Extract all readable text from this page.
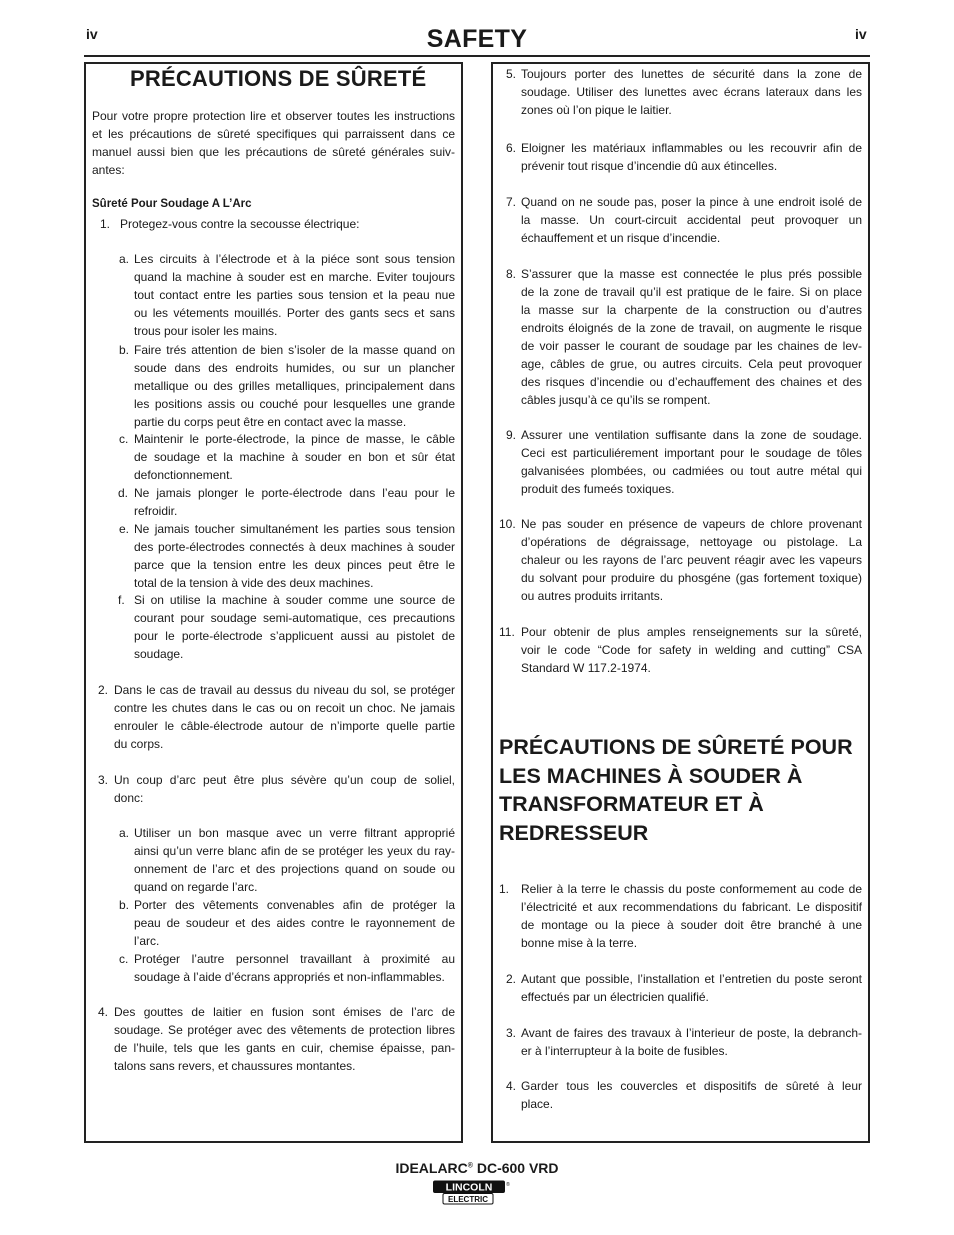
iv	SAFETY	iv
PRÉCAUTIONS DE SÛRETÉ
Pour votre propre protection lire et observer toutes les instructions
et les précautions de sûreté specifiques qui parraissent dans ce
manuel aussi bien que les précautions de sûreté générales suiv-
antes:
Sûreté Pour Soudage A L’Arc
1. Protegez-vous contre la secousse électrique:
a. Les circuits à l’électrode et à la piéce sont sous tension
quand la machine à souder est en marche. Eviter toujours
tout contact entre les parties sous tension et la peau nue
ou les vétements mouillés. Porter des gants secs et sans
trous pour isoler les mains.
b. Faire trés attention de bien s’isoler de la masse quand on
soude dans des endroits humides, ou sur un plancher
metallique ou des grilles metalliques, principalement dans
les positions assis ou couché pour lesquelles une grande
partie du corps peut être en contact avec la masse.
c. Maintenir le porte-électrode, la pince de masse, le câble
de soudage et la machine à souder en bon et sûr état
defonctionnement.
d. Ne jamais plonger le porte-électrode dans l’eau pour le
refroidir.
e. Ne jamais toucher simultanément les parties sous tension
des porte-électrodes connectés à deux machines à souder
parce que la tension entre les deux pinces peut être le
total de la tension à vide des deux machines.
f. Si on utilise la machine à souder comme une source de
courant pour soudage semi-automatique, ces precautions
pour le porte-électrode s’applicuent aussi au pistolet de
soudage.
2. Dans le cas de travail au dessus du niveau du sol, se protéger
contre les chutes dans le cas ou on recoit un choc. Ne jamais
enrouler le câble-électrode autour de n’importe quelle partie
du corps.
3. Un coup d’arc peut être plus sévère qu’un coup de soliel,
donc:
a. Utiliser un bon masque avec un verre filtrant approprié
ainsi qu’un verre blanc afin de se protéger les yeux du ray-
onnement de l’arc et des projections quand on soude ou
quand on regarde l’arc.
b. Porter des vêtements convenables afin de protéger la
peau de soudeur et des aides contre le rayonnement de
l’arc.
c. Protéger l’autre personnel travaillant à proximité au
soudage à l’aide d’écrans appropriés et non-inflammables.
4. Des gouttes de laitier en fusion sont émises de l’arc de
soudage. Se protéger avec des vêtements de protection libres
de l’huile, tels que les gants en cuir, chemise épaisse, pan-
talons sans revers, et chaussures montantes.
5. Toujours porter des lunettes de sécurité dans la zone de
soudage. Utiliser des lunettes avec écrans lateraux dans les
zones où l’on pique le laitier.
6. Eloigner les matériaux inflammables ou les recouvrir afin de
prévenir tout risque d’incendie dû aux étincelles.
7. Quand on ne soude pas, poser la pince à une endroit isolé de
la masse. Un court-circuit accidental peut provoquer un
échauffement et un risque d’incendie.
8. S’assurer que la masse est connectée le plus prés possible
de la zone de travail qu’il est pratique de le faire. Si on place
la masse sur la charpente de la construction ou d’autres
endroits éloignés de la zone de travail, on augmente le risque
de voir passer le courant de soudage par les chaines de lev-
age, câbles de grue, ou autres circuits. Cela peut provoquer
des risques d’incendie ou d’echauffement des chaines et des
câbles jusqu’à ce qu’ils se rompent.
9. Assurer une ventilation suffisante dans la zone de soudage.
Ceci est particuliérement important pour le soudage de tôles
galvanisées plombées, ou cadmiées ou tout autre métal qui
produit des fumeés toxiques.
10. Ne pas souder en présence de vapeurs de chlore provenant
d’opérations de dégraissage, nettoyage ou pistolage. La
chaleur ou les rayons de l’arc peuvent réagir avec les vapeurs
du solvant pour produire du phosgéne (gas fortement toxique)
ou autres produits irritants.
11. Pour obtenir de plus amples renseignements sur la sûreté,
voir le code “Code for safety in welding and cutting” CSA
Standard W 117.2-1974.
1. Relier à la terre le chassis du poste conformement au code de
l’électricité et aux recommendations du fabricant. Le dispositif
de montage ou la piece à souder doit être branché à une
bonne mise à la terre.
2. Autant que possible, l’installation et l’entretien du poste seront
effectués par un électricien qualifié.
3. Avant de faires des travaux à l’interieur de poste, la debranch-
er à l’interrupteur à la boite de fusibles.
4. Garder tous les couvercles et dispositifs de sûreté à leur
place.
PRÉCAUTIONS DE SÛRETÉ POUR
LES MACHINES À SOUDER À
TRANSFORMATEUR ET À
REDRESSEUR
IDEALARC® DC-600 VRD
LINCOLN	®
ELECTRIC
